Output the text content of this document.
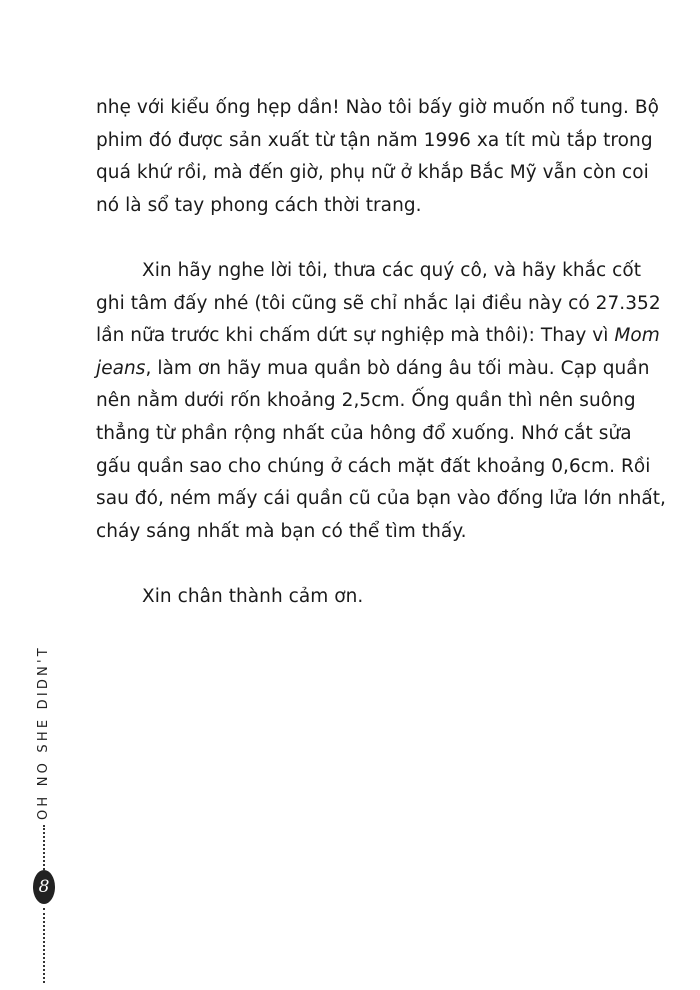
nhẹ với kiểu ống hẹp dần! Nào tôi bấy giờ muốn nổ tung. Bộ
phim đó được sản xuất từ tận năm 1996 xa tít mù tắp trong
quá khứ rồi, mà đến giờ, phụ nữ ở khắp Bắc Mỹ vẫn còn coi
nó là sổ tay phong cách thời trang.
Xin hãy nghe lời tôi, thưa các quý cô, và hãy khắc cốt
ghi tâm đấy nhé (tôi cũng sẽ chỉ nhắc lại điều này có 27.352
lần nữa trước khi chấm dứt sự nghiệp mà thôi): Thay vì Mom
jeans, làm ơn hãy mua quần bò dáng âu tối màu. Cạp quần
nên nằm dưới rốn khoảng 2,5cm. Ống quần thì nên suông
thẳng từ phần rộng nhất của hông đổ xuống. Nhớ cắt sửa
gấu quần sao cho chúng ở cách mặt đất khoảng 0,6cm. Rồi
sau đó, ném mấy cái quần cũ của bạn vào đống lửa lớn nhất,
cháy sáng nhất mà bạn có thể tìm thấy.
Xin chân thành cảm ơn.
OH NO SHE DIDN'T
8
